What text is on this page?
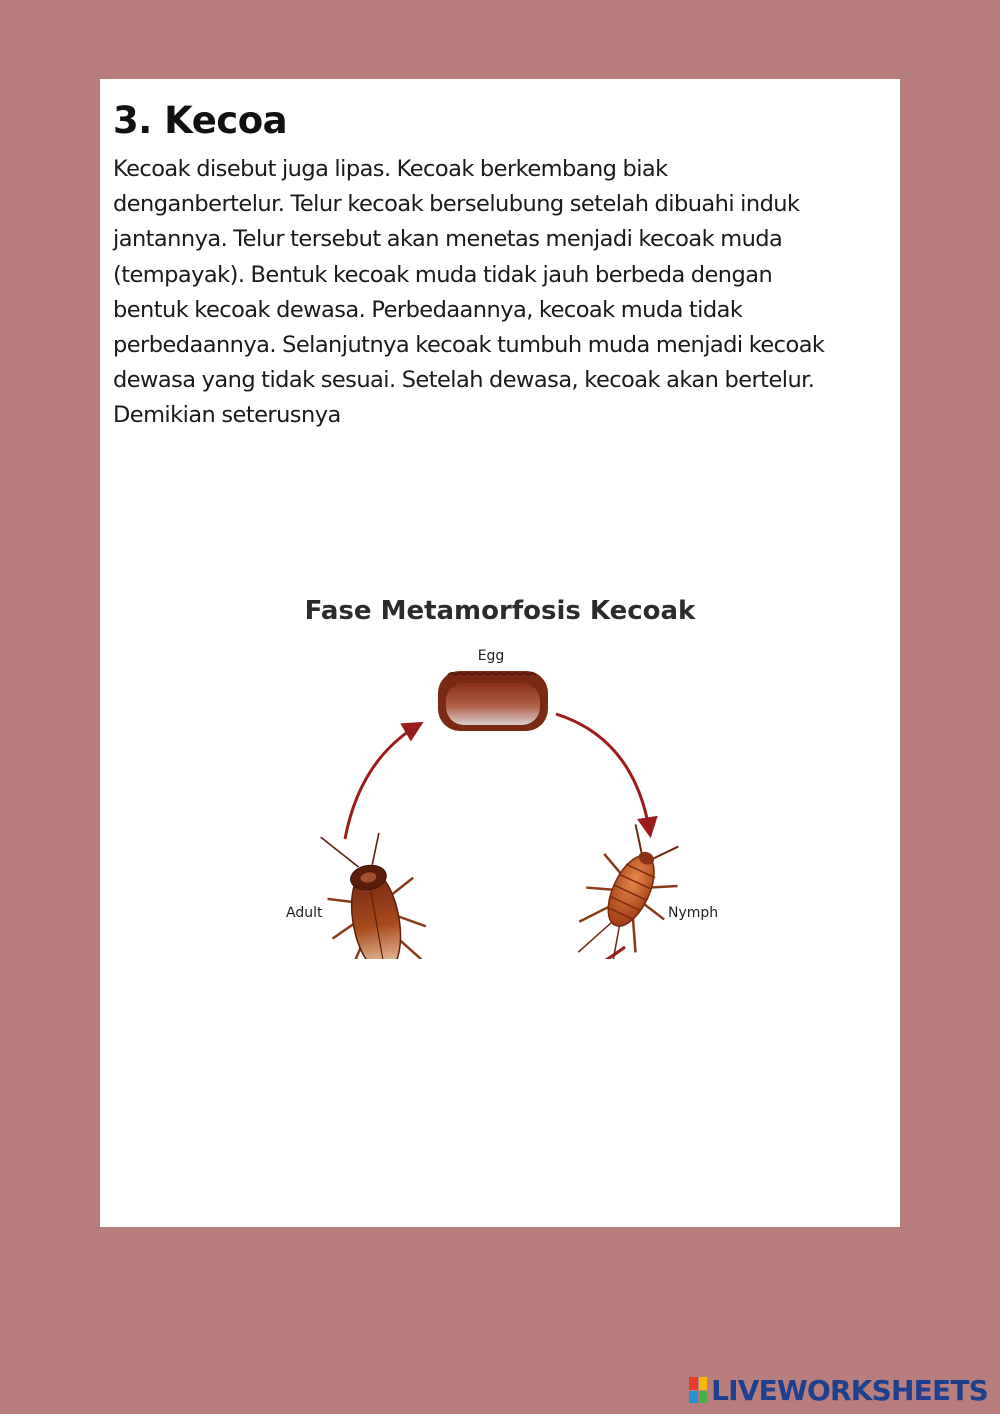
3. Kecoa

Kecoak disebut juga lipas. Kecoak berkembang biak
denganbertelur. Telur kecoak berselubung setelah dibuahi induk
jantannya. Telur tersebut akan menetas menjadi kecoak muda
(tempayak). Bentuk kecoak muda tidak jauh berbeda dengan
bentuk kecoak dewasa. Perbedaannya, kecoak muda tidak
perbedaannya. Selanjutnya kecoak tumbuh muda menjadi kecoak
dewasa yang tidak sesuai. Setelah dewasa, kecoak akan bertelur.
Demikian seterusnya

Fase Metamorfosis Kecoak
Egg
Nymph
Adult
LIVEWORKSHEETS
